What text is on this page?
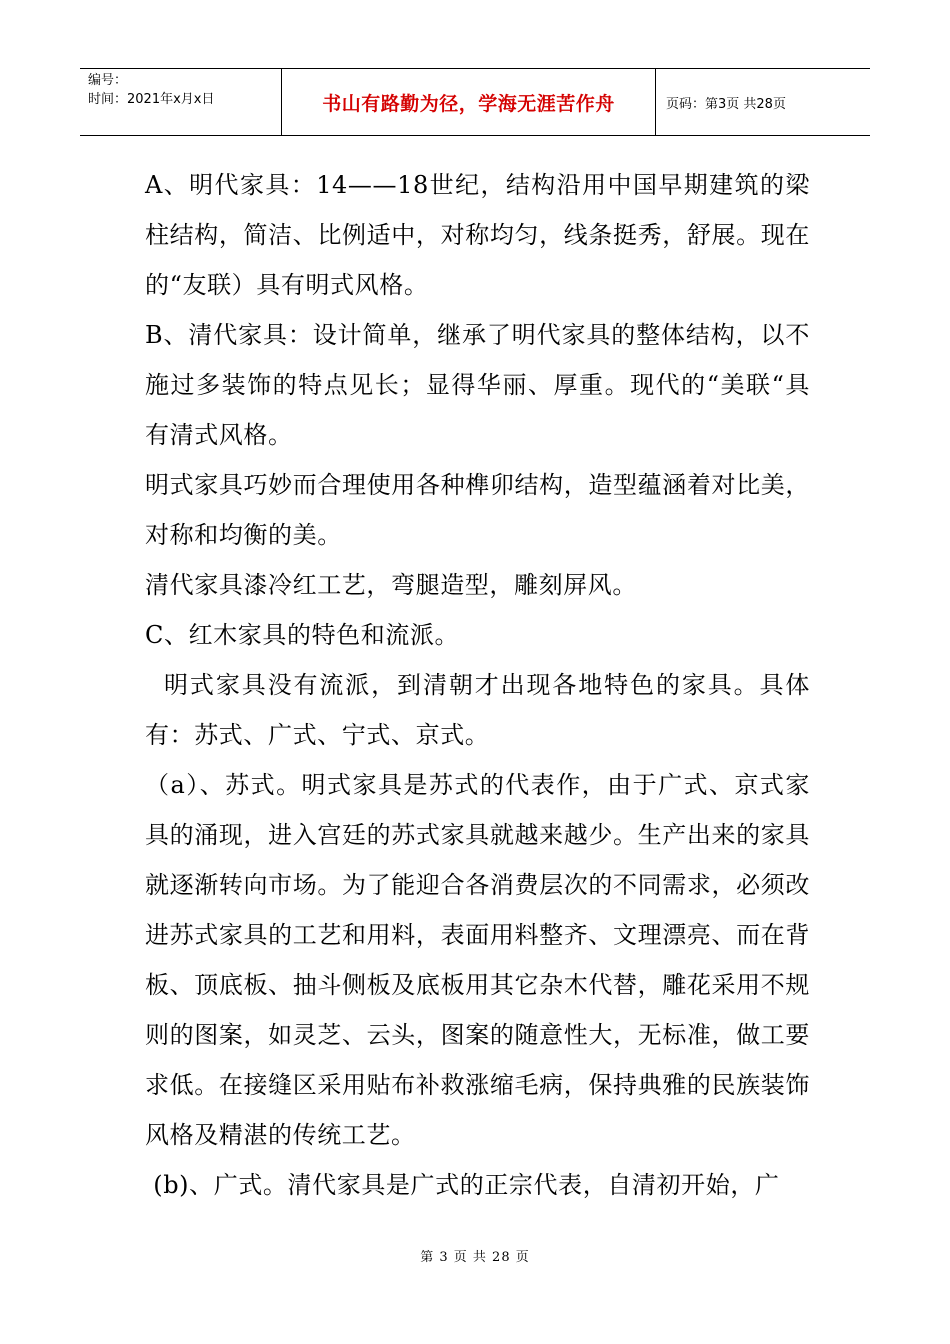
编号：
时间：2021年x月x日	书山有路勤为径，学海无涯苦作舟	页码：第3页 共28页

A、明代家具：14——18世纪，结构沿用中国早期建筑的梁柱结构，简洁、比例适中，对称均匀，线条挺秀，舒展。现在的“友联）具有明式风格。

B、清代家具：设计简单，继承了明代家具的整体结构，以不施过多装饰的特点见长；显得华丽、厚重。现代的“美联“具有清式风格。

明式家具巧妙而合理使用各种榫卯结构，造型蕴涵着对比美，对称和均衡的美。

清代家具漆冷红工艺，弯腿造型，雕刻屏风。

C、红木家具的特色和流派。

明式家具没有流派，到清朝才出现各地特色的家具。具体有：苏式、广式、宁式、京式。

（a）、苏式。明式家具是苏式的代表作，由于广式、京式家具的涌现，进入宫廷的苏式家具就越来越少。生产出来的家具就逐渐转向市场。为了能迎合各消费层次的不同需求，必须改进苏式家具的工艺和用料，表面用料整齐、文理漂亮、而在背板、顶底板、抽斗侧板及底板用其它杂木代替，雕花采用不规则的图案，如灵芝、云头，图案的随意性大，无标准，做工要求低。在接缝区采用贴布补救涨缩毛病，保持典雅的民族装饰风格及精湛的传统工艺。

(b)、广式。清代家具是广式的正宗代表，自清初开始，广

第 3 页 共 28 页
